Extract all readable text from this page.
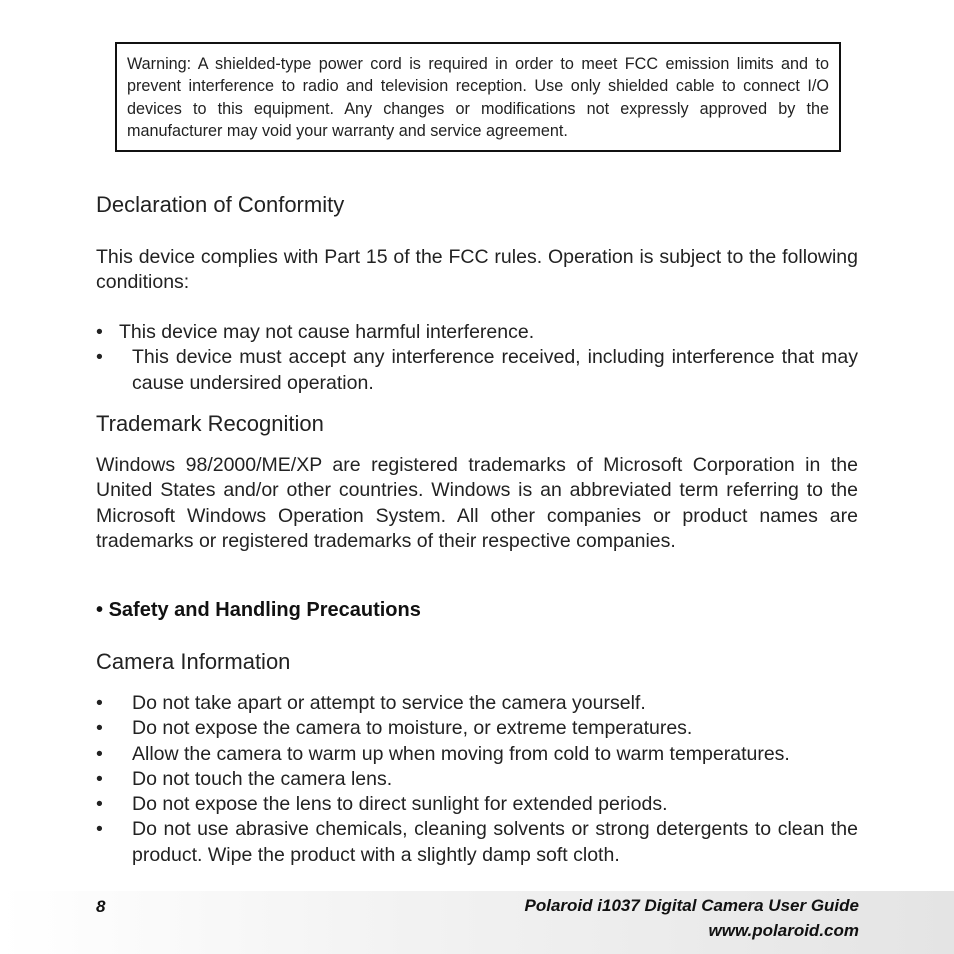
Warning: A shielded-type power cord is required in order to meet FCC emission limits and to prevent interference to radio and television reception. Use only shielded cable to connect I/O devices to this equipment. Any changes or modifications not expressly approved by the manufacturer may void your warranty and service agreement.
Declaration of Conformity

This device complies with Part 15 of the FCC rules. Operation is subject to the following conditions:

• This device may not cause harmful interference.
• This device must accept any interference received, including interference that may cause undersired operation.
Trademark Recognition

Windows 98/2000/ME/XP are registered trademarks of Microsoft Corporation in the United States and/or other countries. Windows is an abbreviated term referring to the Microsoft Windows Operation System. All other companies or product names are trademarks or registered trademarks of their respective companies.

• Safety and Handling Precautions
Camera Information
• Do not take apart or attempt to service the camera yourself.
• Do not expose the camera to moisture, or extreme temperatures.
• Allow the camera to warm up when moving from cold to warm temperatures.
• Do not touch the camera lens.
• Do not expose the lens to direct sunlight for extended periods.
• Do not use abrasive chemicals, cleaning solvents or strong detergents to clean the product. Wipe the product with a slightly damp soft cloth.
8	Polaroid i1037 Digital Camera User Guide
www.polaroid.com
